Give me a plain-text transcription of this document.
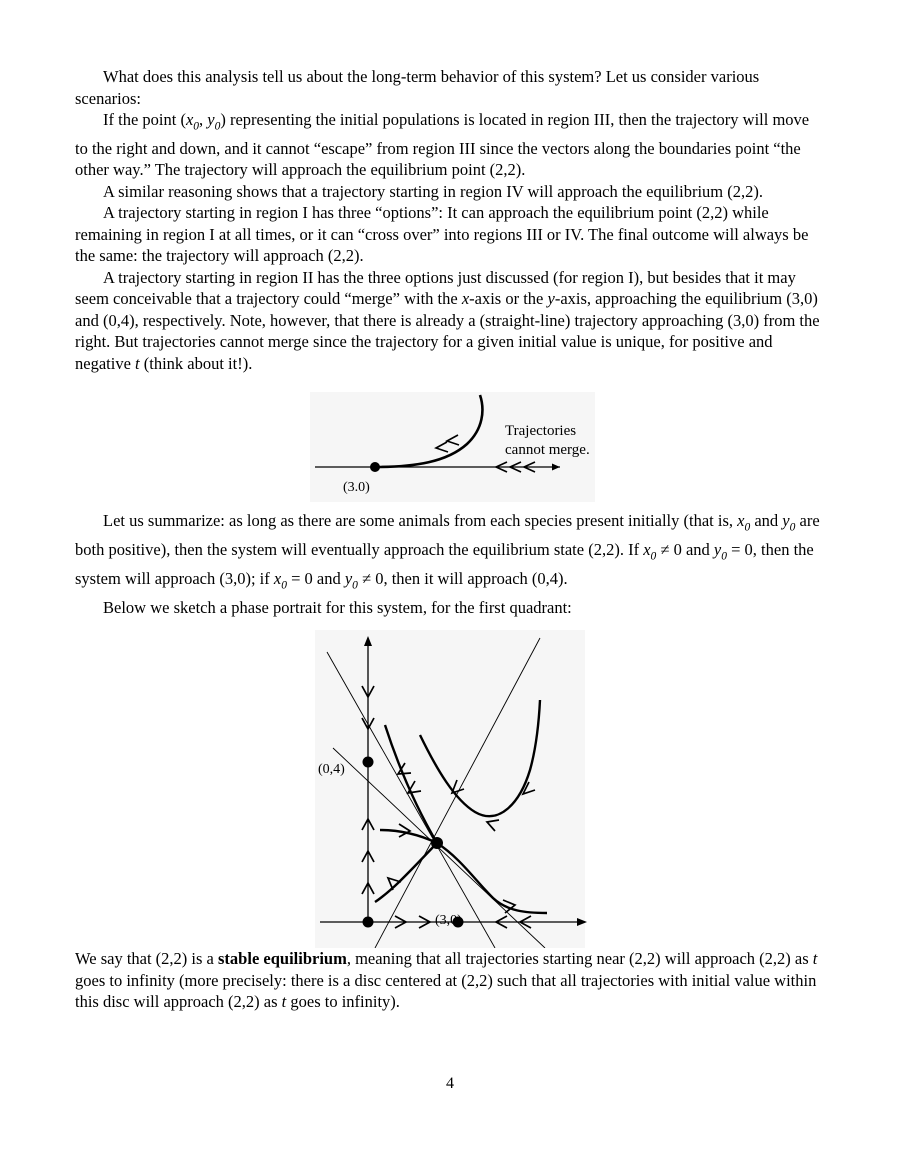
What does this analysis tell us about the long-term behavior of this system? Let us consider various scenarios:

If the point ($x_0$, $y_0$) representing the initial populations is located in region III, then the trajectory will move to the right and down, and it cannot “escape” from region III since the vectors along the boundaries point “the other way.” The trajectory will approach the equilibrium point (2,2).

A similar reasoning shows that a trajectory starting in region IV will approach the equilibrium (2,2).

A trajectory starting in region I has three “options”: It can approach the equilibrium point (2,2) while remaining in region I at all times, or it can “cross over” into regions III or IV. The final outcome will always be the same: the trajectory will approach (2,2).

A trajectory starting in region II has the three options just discussed (for region I), but besides that it may seem conceivable that a trajectory could “merge” with the x-axis or the y-axis, approaching the equilibrium (3,0) and (0,4), respectively. Note, however, that there is already a (straight-line) trajectory approaching (3,0) from the right. But trajectories cannot merge since the trajectory for a given initial value is unique, for positive and negative t (think about it!).

(3.0)
Trajectories
cannot merge.

Let us summarize: as long as there are some animals from each species present initially (that is, $x_0$ and $y_0$ are both positive), then the system will eventually approach the equilibrium state (2,2). If $x_0 \ne 0$ and $y_0 = 0$, then the system will approach (3,0); if $x_0 = 0$ and $y_0 \ne 0$, then it will approach (0,4).

Below we sketch a phase portrait for this system, for the first quadrant:

(0,4)
(3,0)

We say that (2,2) is a stable equilibrium, meaning that all trajectories starting near (2,2) will approach (2,2) as t goes to infinity (more precisely: there is a disc centered at (2,2) such that all trajectories with initial value within this disc will approach (2,2) as t goes to infinity).

4
